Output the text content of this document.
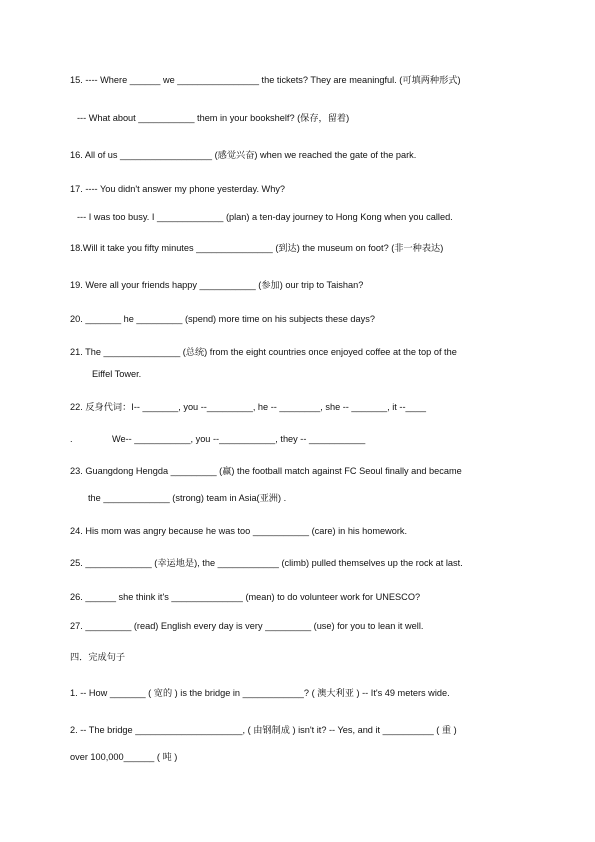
15. ---- Where ______ we ________________ the tickets? They are meaningful. (可填两种形式)

--- What about ___________ them in your bookshelf? (保存，留着)

16. All of us __________________ (感觉兴奋) when we reached the gate of the park.

17. ---- You didn't answer my phone yesterday. Why?

--- I was too busy. I _____________ (plan) a ten-day journey to Hong Kong when you called.

18.Will it take you fifty minutes _______________ (到达) the museum on foot? (非一种表达)

19. Were all your friends happy ___________ (参加) our trip to Taishan?

20. _______ he _________ (spend) more time on his subjects these days?

21. The _______________ (总统) from the eight countries once enjoyed coffee at the top of the

Eiffel Tower.

22. 反身代词：I-- _______, you --_________, he -- ________, she -- _______, it --____

We-- ___________, you --___________, they -- ___________

.

23. Guangdong Hengda _________ (赢) the football match against FC Seoul finally and became

the _____________ (strong) team in Asia(亚洲) .

24. His mom was angry because he was too ___________ (care) in his homework.

25. _____________ (幸运地是), the ____________ (climb) pulled themselves up the rock at last.

26. ______ she think it's ______________ (mean) to do volunteer work for UNESCO?

27. _________ (read) English every day is very _________ (use) for you to lean it well.

四．完成句子

1. -- How _______ ( 宽的 ) is the bridge in ____________? ( 澳大利亚 ) -- It's 49 meters wide.

2. -- The bridge _____________________, ( 由钢制成 ) isn't it? -- Yes, and it __________ ( 重 )

over 100,000______ ( 吨 )
